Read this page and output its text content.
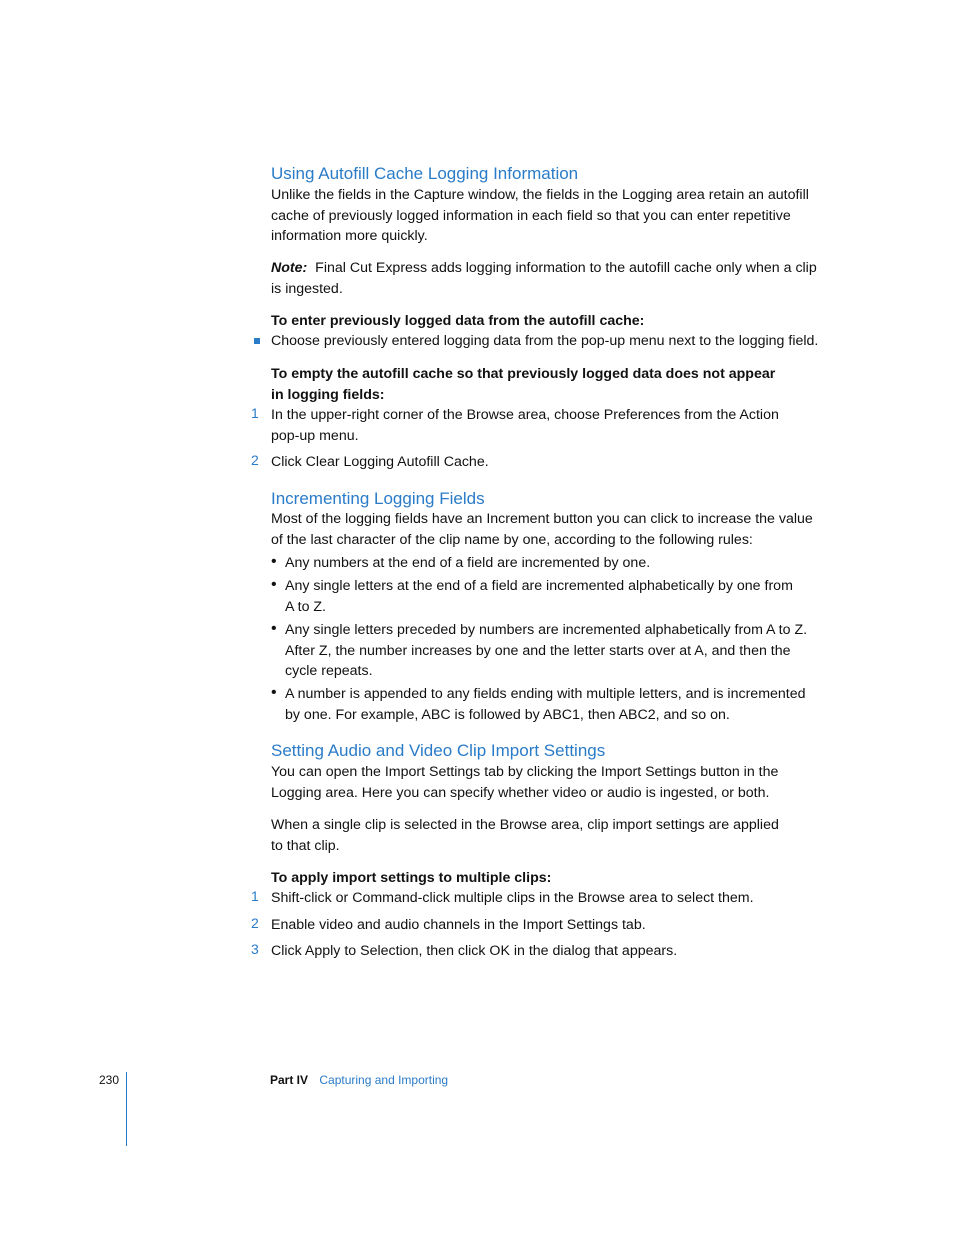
Using Autofill Cache Logging Information

Unlike the fields in the Capture window, the fields in the Logging area retain an autofill

cache of previously logged information in each field so that you can enter repetitive

information more quickly.

Note: Final Cut Express adds logging information to the autofill cache only when a clip

is ingested.

To enter previously logged data from the autofill cache:

Choose previously entered logging data from the pop-up menu next to the logging field.

To empty the autofill cache so that previously logged data does not appear

in logging fields:

1 In the upper-right corner of the Browse area, choose Preferences from the Action

pop-up menu.

2 Click Clear Logging Autofill Cache.

Incrementing Logging Fields

Most of the logging fields have an Increment button you can click to increase the value

of the last character of the clip name by one, according to the following rules:

• Any numbers at the end of a field are incremented by one.

• Any single letters at the end of a field are incremented alphabetically by one from

A to Z.

• Any single letters preceded by numbers are incremented alphabetically from A to Z.

After Z, the number increases by one and the letter starts over at A, and then the

cycle repeats.

• A number is appended to any fields ending with multiple letters, and is incremented

by one. For example, ABC is followed by ABC1, then ABC2, and so on.

Setting Audio and Video Clip Import Settings

You can open the Import Settings tab by clicking the Import Settings button in the

Logging area. Here you can specify whether video or audio is ingested, or both.

When a single clip is selected in the Browse area, clip import settings are applied

to that clip.

To apply import settings to multiple clips:

1 Shift-click or Command-click multiple clips in the Browse area to select them.

2 Enable video and audio channels in the Import Settings tab.

3 Click Apply to Selection, then click OK in the dialog that appears.

230	Part IV Capturing and Importing
